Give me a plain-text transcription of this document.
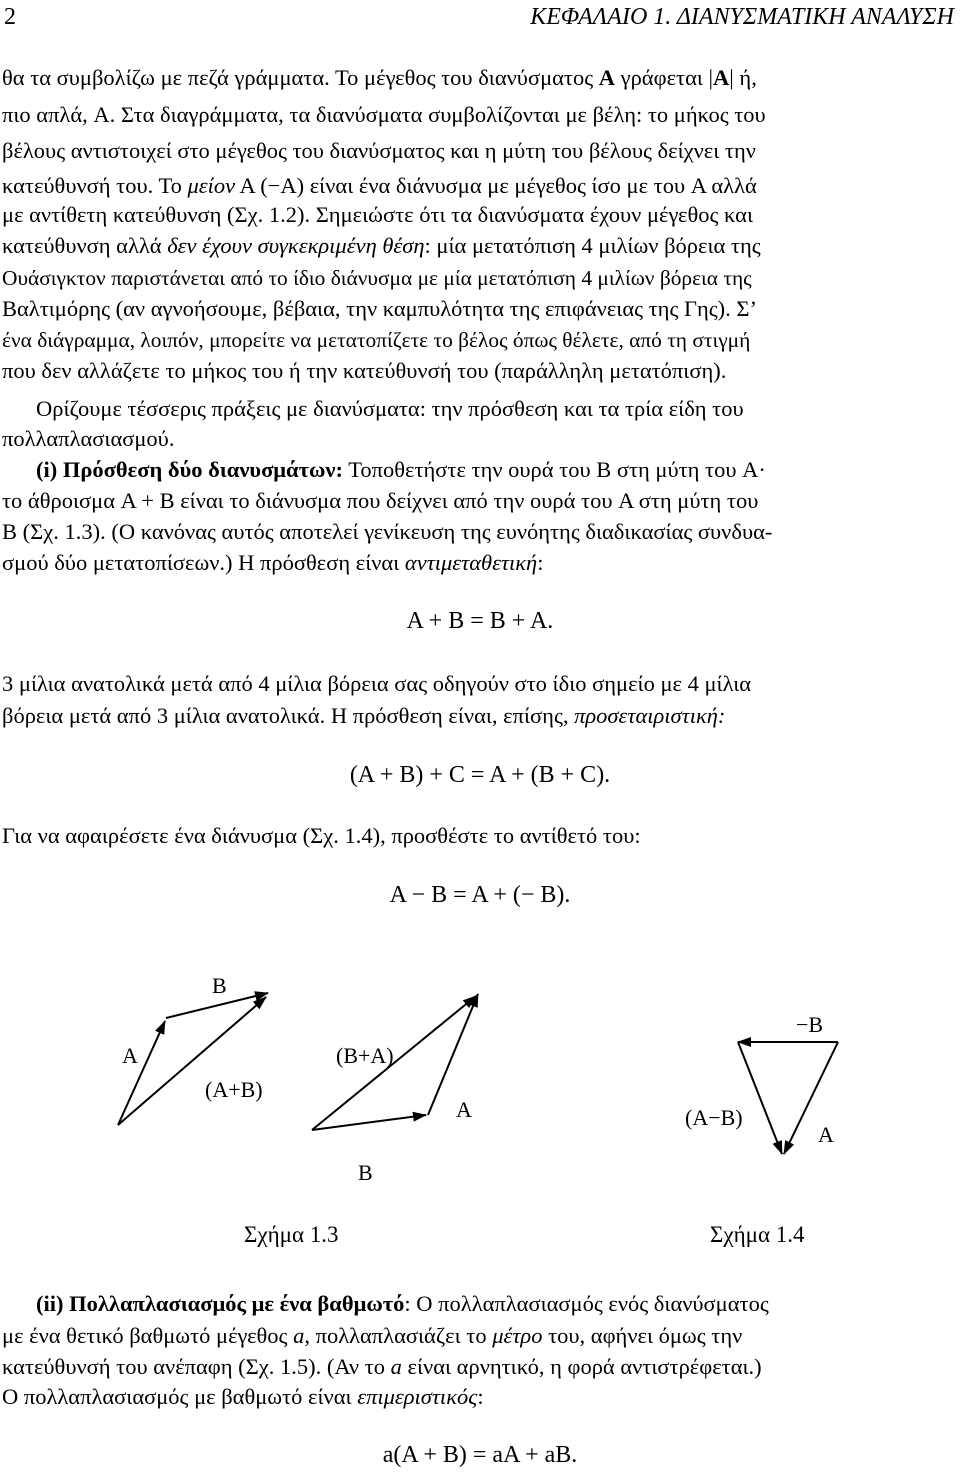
2	ΚΕΦΑΛΑΙΟ 1. ΔΙΑΝΥΣΜΑΤΙΚΗ ΑΝΑΛΥΣΗ
θα τα συμβολίζω με πεζά γράμματα. Το μέγεθος του διανύσματος A γράφεται | A | ή,
πιο απλά, A. Στα διαγράμματα, τα διανύσματα συμβολίζονται με βέλη: το μήκος του
βέλους αντιστοιχεί στο μέγεθος του διανύσματος και η μύτη του βέλους δείχνει την
κατεύθυνσή του. Το μείον A (−A) είναι ένα διάνυσμα με μέγεθος ίσο με του A αλλά
με αντίθετη κατεύθυνση (Σχ. 1.2). Σημειώστε ότι τα διανύσματα έχουν μέγεθος και
κατεύθυνση αλλά δεν έχουν συγκεκριμένη θέση : μία μετατόπιση 4 μιλίων βόρεια της
Ουάσιγκτον παριστάνεται από το ίδιο διάνυσμα με μία μετατόπιση 4 μιλίων βόρεια της
Βαλτιμόρης (αν αγνοήσουμε, βέβαια, την καμπυλότητα της επιφάνειας της Γης). Σ’
ένα διάγραμμα, λοιπόν, μπορείτε να μετατοπίζετε το βέλος όπως θέλετε, από τη στιγμή
που δεν αλλάζετε το μήκος του ή την κατεύθυνσή του (παράλληλη μετατόπιση).
Ορίζουμε τέσσερις πράξεις με διανύσματα: την πρόσθεση και τα τρία είδη του
πολλαπλασιασμού.
(i) Πρόσθεση δύο διανυσμάτων: Τοποθετήστε την ουρά του B στη μύτη του A·
το άθροισμα A + B είναι το διάνυσμα που δείχνει από την ουρά του A στη μύτη του
B (Σχ. 1.3). (Ο κανόνας αυτός αποτελεί γενίκευση της ευνόητης διαδικασίας συνδυα-
σμού δύο μετατοπίσεων.) Η πρόσθεση είναι αντιμεταθετική :
A + B = B + A.
3 μίλια ανατολικά μετά από 4 μίλια βόρεια σας οδηγούν στο ίδιο σημείο με 4 μίλια
βόρεια μετά από 3 μίλια ανατολικά. Η πρόσθεση είναι, επίσης, προσεταιριστική:
(A + B) + C = A + (B + C).
Για να αφαιρέσετε ένα διάνυσμα (Σχ. 1.4), προσθέστε το αντίθετό του:
A − B = A + (− B).
A
B
(A+B)
(B+A)
A
B
−B
(A−B)
A
Σχήμα 1.3	Σχήμα 1.4
(ii) Πολλαπλασιασμός με ένα βαθμωτό : Ο πολλαπλασιασμός ενός διανύσματος
με ένα θετικό βαθμωτό μέγεθος a , πολλαπλασιάζει το μέτρο του, αφήνει όμως την
κατεύθυνσή του ανέπαφη (Σχ. 1.5). (Αν το a είναι αρνητικό, η φορά αντιστρέφεται.)
Ο πολλαπλασιασμός με βαθμωτό είναι επιμεριστικός :
a(A + B) = aA + aB.
